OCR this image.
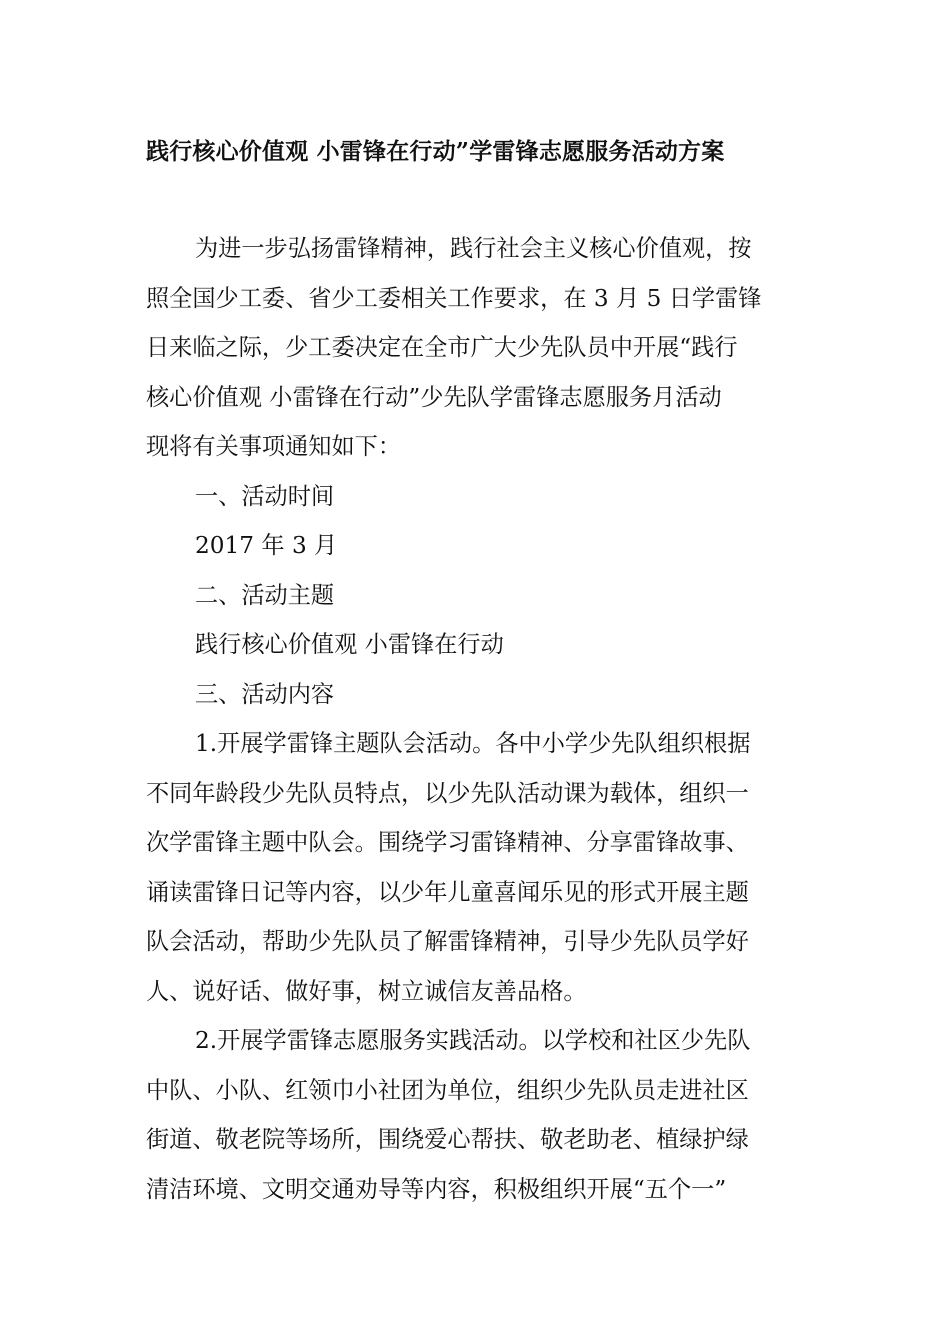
践行核心价值观 小雷锋在行动”学雷锋志愿服务活动方案
为进一步弘扬雷锋精神，践行社会主义核心价值观，按
照全国少工委、省少工委相关工作要求，在 3 月 5 日学雷锋
日来临之际，少工委决定在全市广大少先队员中开展“践行
核心价值观 小雷锋在行动”少先队学雷锋志愿服务月活动
现将有关事项通知如下：
一、活动时间
2017 年 3 月
二、活动主题
践行核心价值观 小雷锋在行动
三、活动内容
1.开展学雷锋主题队会活动。各中小学少先队组织根据
不同年龄段少先队员特点，以少先队活动课为载体，组织一
次学雷锋主题中队会。围绕学习雷锋精神、分享雷锋故事、
诵读雷锋日记等内容，以少年儿童喜闻乐见的形式开展主题
队会活动，帮助少先队员了解雷锋精神，引导少先队员学好
人、说好话、做好事，树立诚信友善品格。
2.开展学雷锋志愿服务实践活动。以学校和社区少先队
中队、小队、红领巾小社团为单位，组织少先队员走进社区
街道、敬老院等场所，围绕爱心帮扶、敬老助老、植绿护绿
清洁环境、文明交通劝导等内容，积极组织开展“五个一”
